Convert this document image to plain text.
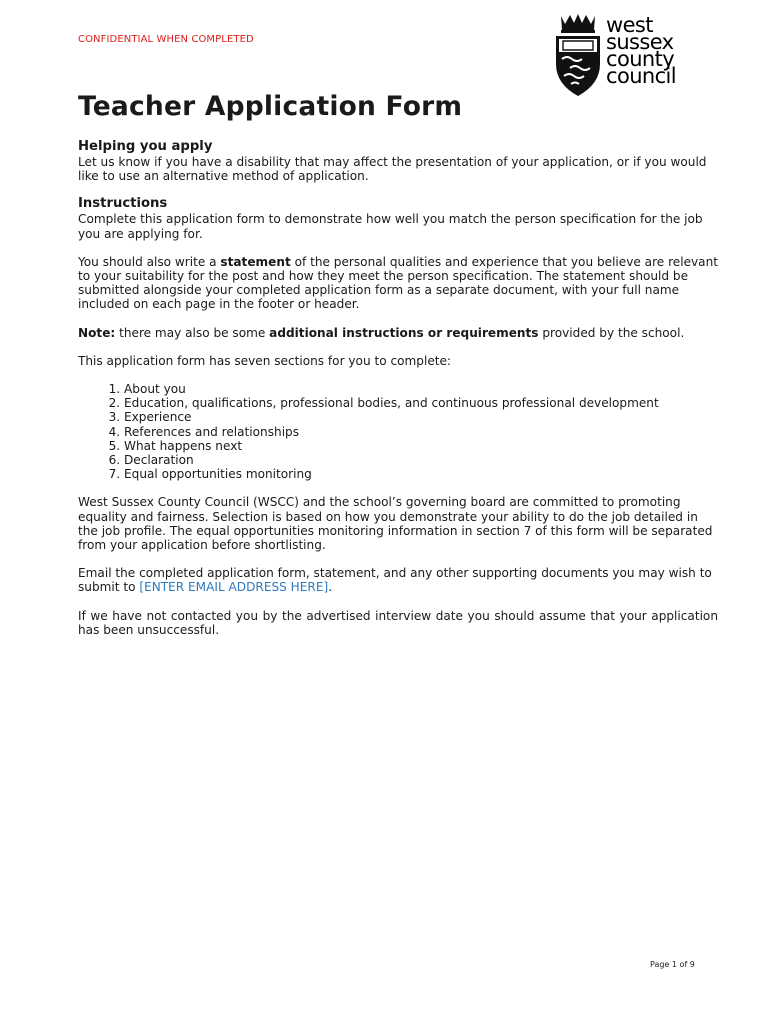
CONFIDENTIAL WHEN COMPLETED
west
sussex
county
council
Teacher Application Form
Helping you apply

Let us know if you have a disability that may affect the presentation of your application, or if you would like to use an alternative method of application.

Instructions

Complete this application form to demonstrate how well you match the person specification for the job you are applying for.

You should also write a statement of the personal qualities and experience that you believe are relevant to your suitability for the post and how they meet the person specification. The statement should be submitted alongside your completed application form as a separate document, with your full name included on each page in the footer or header.

Note: there may also be some additional instructions or requirements provided by the school.

This application form has seven sections for you to complete:

1. About you
2. Education, qualifications, professional bodies, and continuous professional development
3. Experience
4. References and relationships
5. What happens next
6. Declaration
7. Equal opportunities monitoring

West Sussex County Council (WSCC) and the school’s governing board are committed to promoting equality and fairness. Selection is based on how you demonstrate your ability to do the job detailed in the job profile. The equal opportunities monitoring information in section 7 of this form will be separated from your application before shortlisting.

Email the completed application form, statement, and any other supporting documents you may wish to submit to [ENTER EMAIL ADDRESS HERE].

If we have not contacted you by the advertised interview date you should assume that your application has been unsuccessful.

Page 1 of 9
